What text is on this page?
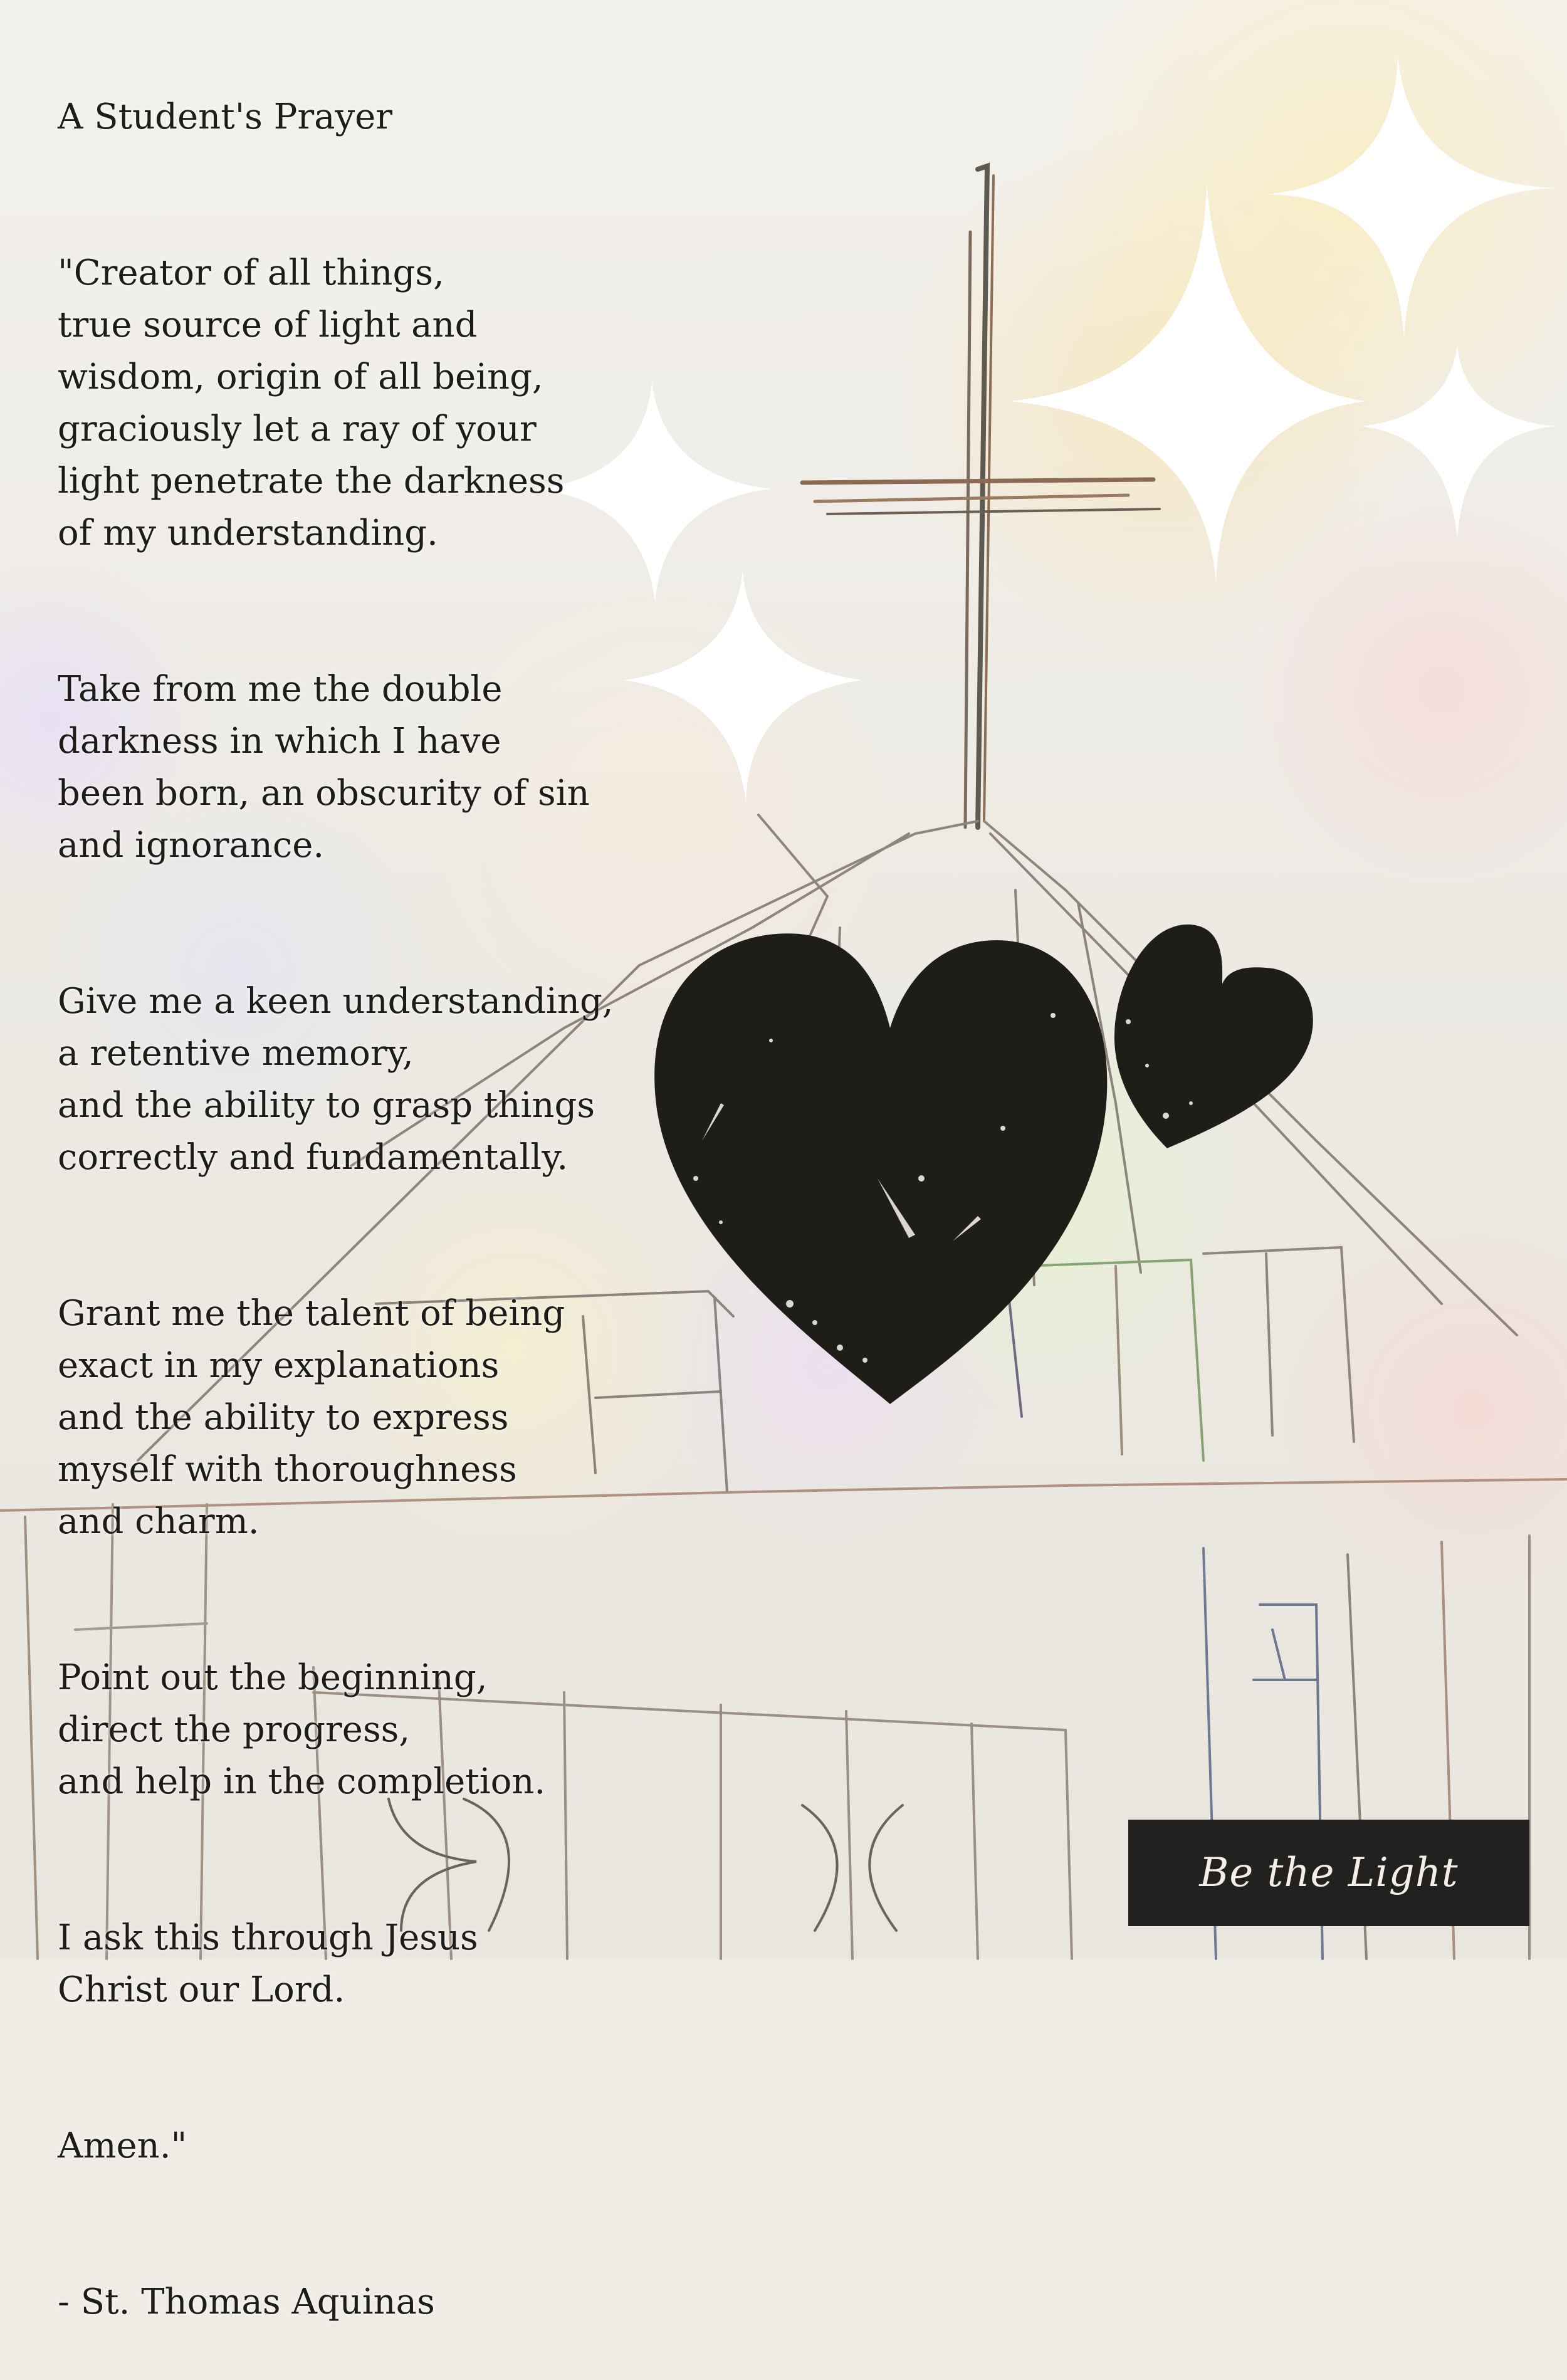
A Student's Prayer

"Creator of all things,
true source of light and
wisdom, origin of all being,
graciously let a ray of your
light penetrate the darkness
of my understanding.

Take from me the double
darkness in which I have
been born, an obscurity of sin
and ignorance.

Give me a keen understanding,
a retentive memory,
and the ability to grasp things
correctly and fundamentally.

Grant me the talent of being
exact in my explanations
and the ability to express
myself with thoroughness
and charm.

Point out the beginning,
direct the progress,
and help in the completion.

I ask this through Jesus
Christ our Lord.

Amen."

- St. Thomas Aquinas

Be the Light
